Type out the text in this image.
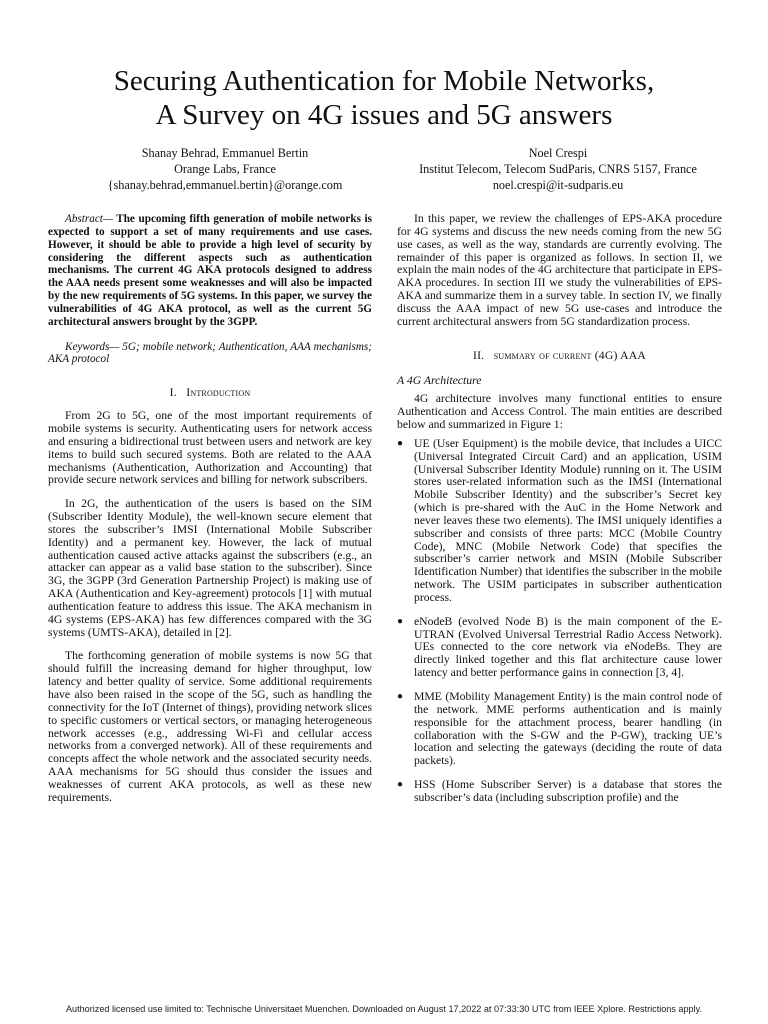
Securing Authentication for Mobile Networks,
A Survey on 4G issues and 5G answers
Shanay Behrad, Emmanuel Bertin
Orange Labs, France
{shanay.behrad,emmanuel.bertin}@orange.com
Noel Crespi
Institut Telecom, Telecom SudParis, CNRS 5157, France
noel.crespi@it-sudparis.eu

Abstract— The upcoming fifth generation of mobile networks is expected to support a set of many requirements and use cases. However, it should be able to provide a high level of security by considering the different aspects such as authentication mechanisms. The current 4G AKA protocols designed to address the AAA needs present some weaknesses and will also be impacted by the new requirements of 5G systems. In this paper, we survey the vulnerabilities of 4G AKA protocol, as well as the current 5G architectural answers brought by the 3GPP.

Keywords— 5G; mobile network; Authentication, AAA mechanisms; AKA protocol

I. Introduction

From 2G to 5G, one of the most important requirements of mobile systems is security. Authenticating users for network access and ensuring a bidirectional trust between users and network are key items to build such secured systems. Both are related to the AAA mechanisms (Authentication, Authorization and Accounting) that provide secure network services and billing for network subscribers.

In 2G, the authentication of the users is based on the SIM (Subscriber Identity Module), the well-known secure element that stores the subscriber’s IMSI (International Mobile Subscriber Identity) and a permanent key. However, the lack of mutual authentication caused active attacks against the subscribers (e.g., an attacker can appear as a valid base station to the subscriber). Since 3G, the 3GPP (3rd Generation Partnership Project) is making use of AKA (Authentication and Key-agreement) protocols [1] with mutual authentication feature to address this issue. The AKA mechanism in 4G systems (EPS-AKA) has few differences compared with the 3G systems (UMTS-AKA), detailed in [2].

The forthcoming generation of mobile systems is now 5G that should fulfill the increasing demand for higher throughput, low latency and better quality of service. Some additional requirements have also been raised in the scope of the 5G, such as handling the connectivity for the IoT (Internet of things), providing network slices to specific customers or vertical sectors, or managing heterogeneous network accesses (e.g., addressing Wi-Fi and cellular access networks from a converged network). All of these requirements and concepts affect the whole network and the associated security needs. AAA mechanisms for 5G should thus consider the issues and weaknesses of current AKA protocols, as well as these new requirements.

In this paper, we review the challenges of EPS-AKA procedure for 4G systems and discuss the new needs coming from the new 5G use cases, as well as the way, standards are currently evolving. The remainder of this paper is organized as follows. In section II, we explain the main nodes of the 4G architecture that participate in EPS-AKA procedures. In section III we study the vulnerabilities of EPS-AKA and summarize them in a survey table. In section IV, we finally discuss the AAA impact of new 5G use-cases and introduce the current architectural answers from 5G standardization process.

II. summary of current (4G) AAA

A 4G Architecture

4G architecture involves many functional entities to ensure Authentication and Access Control. The main entities are described below and summarized in Figure 1:

● UE (User Equipment) is the mobile device, that includes a UICC (Universal Integrated Circuit Card) and an application, USIM (Universal Subscriber Identity Module) running on it. The USIM stores user-related information such as the IMSI (International Mobile Subscriber Identity) and the subscriber’s Secret key (which is pre-shared with the AuC in the Home Network and never leaves these two elements). The IMSI uniquely identifies a subscriber and consists of three parts: MCC (Mobile Country Code), MNC (Mobile Network Code) that specifies the subscriber’s carrier network and MSIN (Mobile Subscriber Identification Number) that identifies the subscriber in the mobile network. The USIM participates in subscriber authentication process.
● eNodeB (evolved Node B) is the main component of the E-UTRAN (Evolved Universal Terrestrial Radio Access Network). UEs connected to the core network via eNodeBs. They are directly linked together and this flat architecture cause lower latency and better performance gains in connection [3, 4].
● MME (Mobility Management Entity) is the main control node of the network. MME performs authentication and is mainly responsible for the attachment process, bearer handling (in collaboration with the S-GW and the P-GW), tracking UE’s location and selecting the gateways (deciding the route of data packets).
● HSS (Home Subscriber Server) is a database that stores the subscriber’s data (including subscription profile) and the
Authorized licensed use limited to: Technische Universitaet Muenchen. Downloaded on August 17,2022 at 07:33:30 UTC from IEEE Xplore. Restrictions apply.
